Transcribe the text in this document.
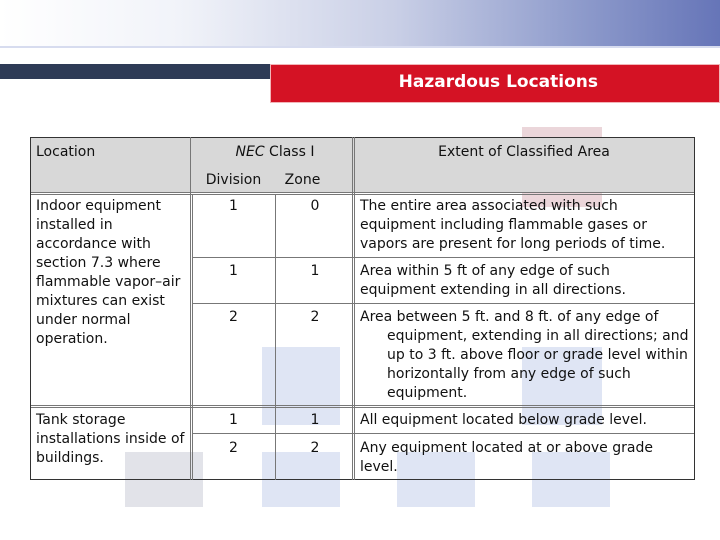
Hazardous Locations
Location	NEC Class I	Extent of Classified Area
Division	Zone
Indoor equipment installed in accordance with section 7.3 where flammable vapor–air mixtures can exist under normal operation.
1	0	The entire area associated with such equipment including flammable gases or vapors are present for long periods of time.
1	1	Area within 5 ft of any edge of such equipment extending in all directions.
2	2	Area between 5 ft. and 8 ft. of any edge of equipment, extending in all directions; and up to 3 ft. above floor or grade level within horizontally from any edge of such equipment.
Tank storage installations inside of buildings.
1	1	All equipment located below grade level.
2	2	Any equipment located at or above grade level.
